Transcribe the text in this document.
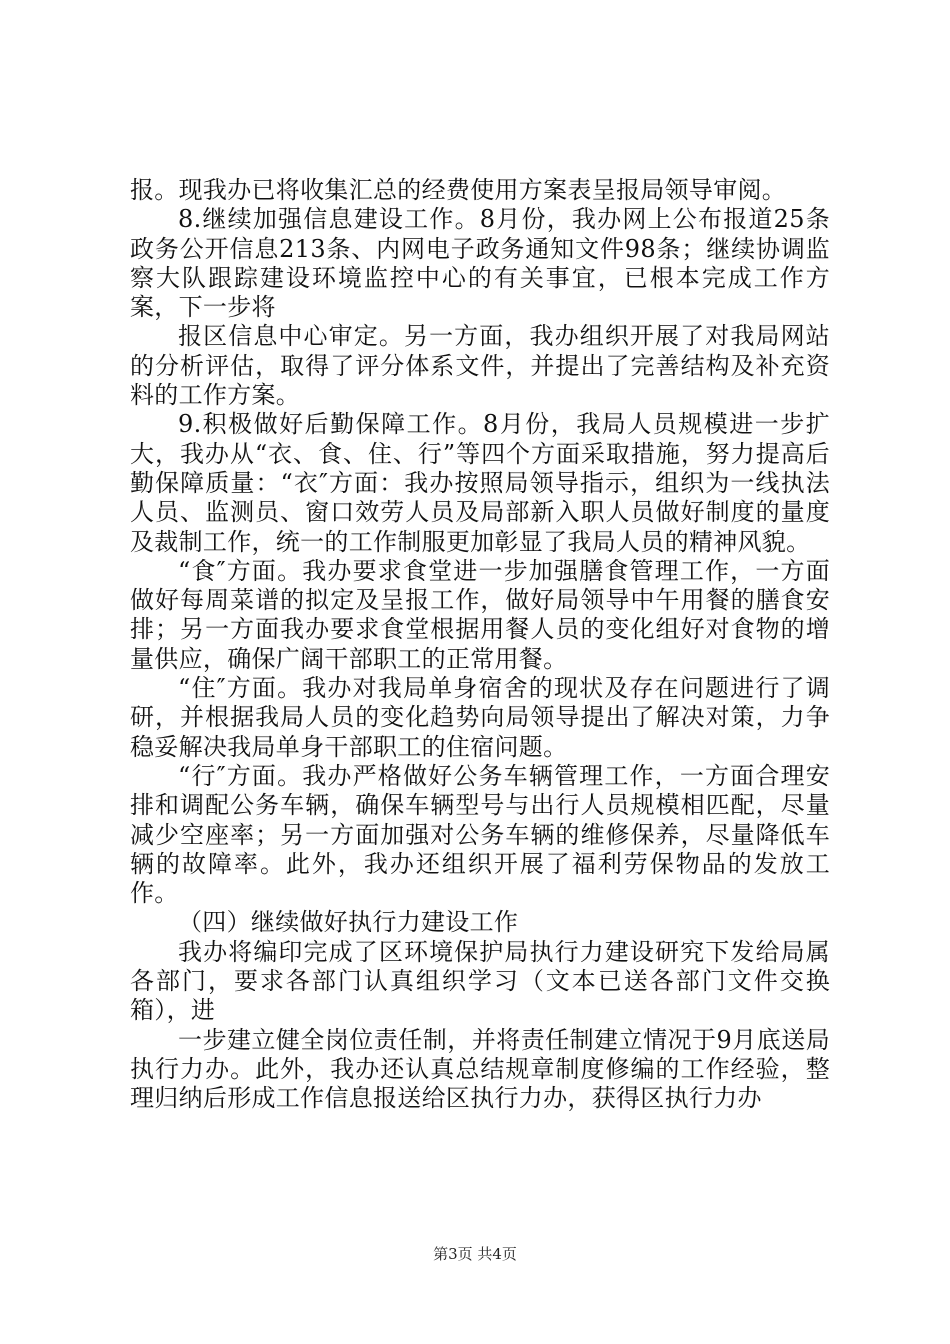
报。现我办已将收集汇总的经费使用方案表呈报局领导审阅。

8.继续加强信息建设工作。8月份，我办网上公布报道25条政务公开信息213条、内网电子政务通知文件98条；继续协调监察大队跟踪建设环境监控中心的有关事宜，已根本完成工作方案，下一步将

报区信息中心审定。另一方面，我办组织开展了对我局网站的分析评估，取得了评分体系文件，并提出了完善结构及补充资料的工作方案。

9.积极做好后勤保障工作。8月份，我局人员规模进一步扩大，我办从“衣、食、住、行”等四个方面采取措施，努力提高后勤保障质量：“衣″方面：我办按照局领导指示，组织为一线执法人员、监测员、窗口效劳人员及局部新入职人员做好制度的量度及裁制工作，统一的工作制服更加彰显了我局人员的精神风貌。

“食″方面。我办要求食堂进一步加强膳食管理工作，一方面做好每周菜谱的拟定及呈报工作，做好局领导中午用餐的膳食安排；另一方面我办要求食堂根据用餐人员的变化组好对食物的增量供应，确保广阔干部职工的正常用餐。

“住″方面。我办对我局单身宿舍的现状及存在问题进行了调研，并根据我局人员的变化趋势向局领导提出了解决对策，力争稳妥解决我局单身干部职工的住宿问题。

“行″方面。我办严格做好公务车辆管理工作，一方面合理安排和调配公务车辆，确保车辆型号与出行人员规模相匹配，尽量减少空座率；另一方面加强对公务车辆的维修保养，尽量降低车辆的故障率。此外，我办还组织开展了福利劳保物品的发放工作。

（四）继续做好执行力建设工作

我办将编印完成了区环境保护局执行力建设研究下发给局属各部门，要求各部门认真组织学习（文本已送各部门文件交换箱），进

一步建立健全岗位责任制，并将责任制建立情况于9月底送局执行力办。此外，我办还认真总结规章制度修编的工作经验，整理归纳后形成工作信息报送给区执行力办，获得区执行力办

第3页 共4页
